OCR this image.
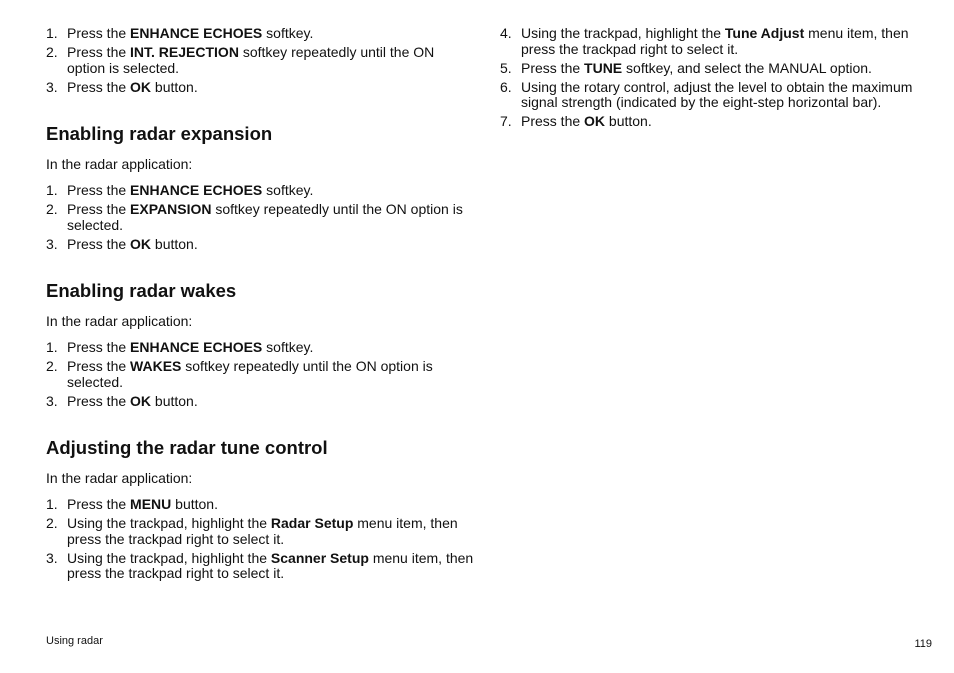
1. Press the ENHANCE ECHOES softkey.
2. Press the INT. REJECTION softkey repeatedly until the ON option is selected.
3. Press the OK button.
Enabling radar expansion

In the radar application:

1. Press the ENHANCE ECHOES softkey.
2. Press the EXPANSION softkey repeatedly until the ON option is selected.
3. Press the OK button.
Enabling radar wakes

In the radar application:

1. Press the ENHANCE ECHOES softkey.
2. Press the WAKES softkey repeatedly until the ON option is selected.
3. Press the OK button.
Adjusting the radar tune control

In the radar application:

1. Press the MENU button.
2. Using the trackpad, highlight the Radar Setup menu item, then press the trackpad right to select it.
3. Using the trackpad, highlight the Scanner Setup menu item, then press the trackpad right to select it.
4. Using the trackpad, highlight the Tune Adjust menu item, then press the trackpad right to select it.
5. Press the TUNE softkey, and select the MANUAL option.
6. Using the rotary control, adjust the level to obtain the maximum signal strength (indicated by the eight-step horizontal bar).
7. Press the OK button.
Using radar	119
